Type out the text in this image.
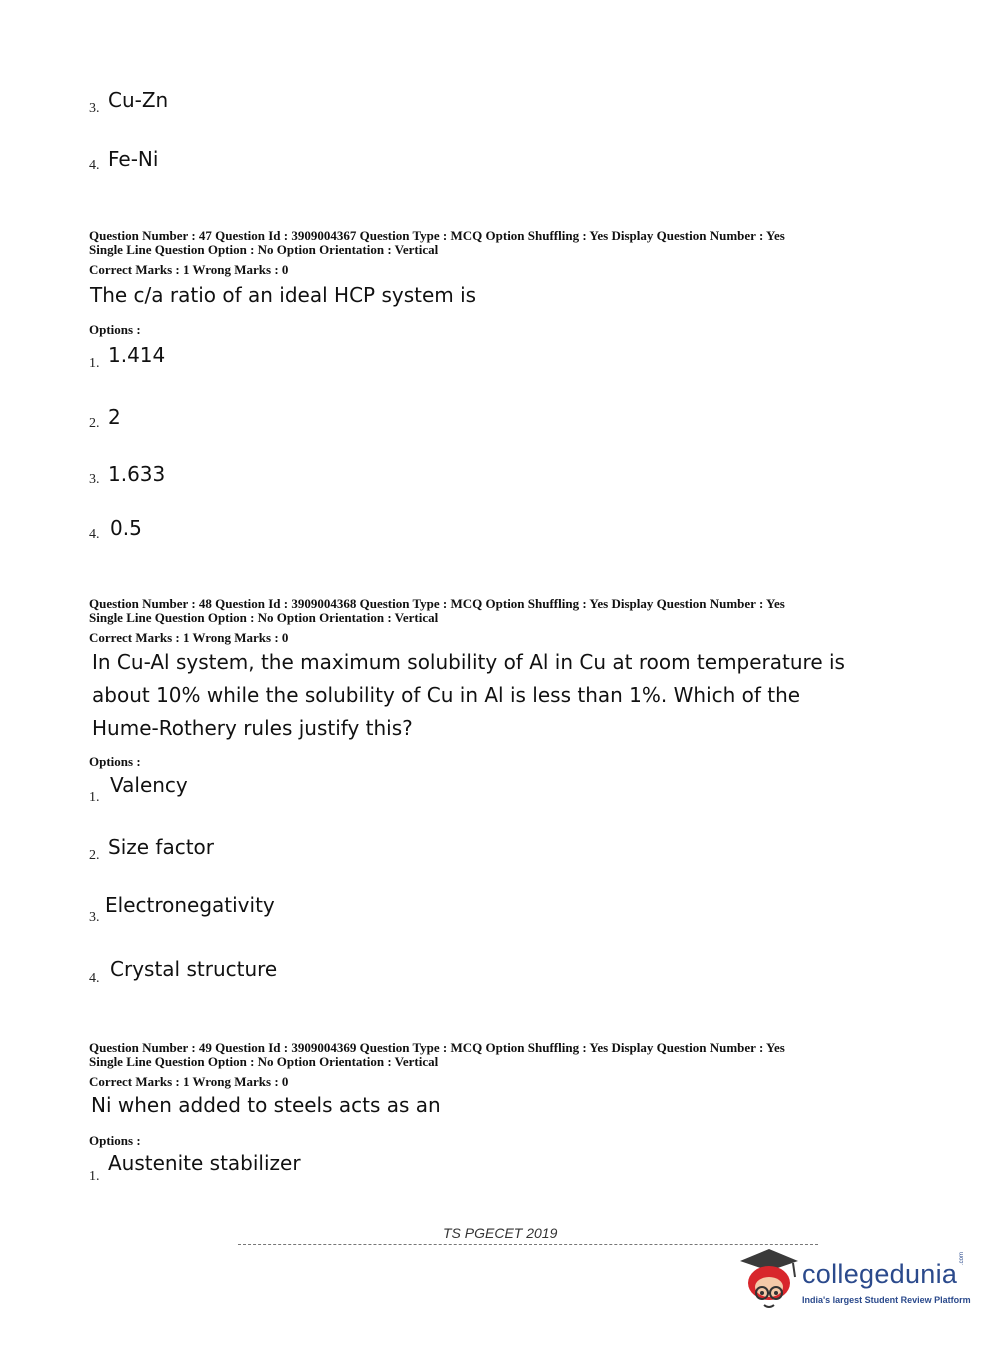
3. Cu-Zn
4. Fe-Ni
Question Number : 47 Question Id : 3909004367 Question Type : MCQ Option Shuffling : Yes Display Question Number : Yes
Single Line Question Option : No Option Orientation : Vertical
Correct Marks : 1 Wrong Marks : 0
The c/a ratio of an ideal HCP system is
Options :
1. 1.414
2. 2
3. 1.633
4. 0.5
Question Number : 48 Question Id : 3909004368 Question Type : MCQ Option Shuffling : Yes Display Question Number : Yes
Single Line Question Option : No Option Orientation : Vertical
Correct Marks : 1 Wrong Marks : 0
In Cu-Al system, the maximum solubility of Al in Cu at room temperature is
about 10% while the solubility of Cu in Al is less than 1%. Which of the
Hume-Rothery rules justify this?
Options :
1.
Valency
2. Size factor
3.
Electronegativity
4. Crystal structure
Question Number : 49 Question Id : 3909004369 Question Type : MCQ Option Shuffling : Yes Display Question Number : Yes
Single Line Question Option : No Option Orientation : Vertical
Correct Marks : 1 Wrong Marks : 0
Ni when added to steels acts as an
Options :
1.
Austenite stabilizer
TS PGECET 2019
collegedunia
.com
India's largest Student Review Platform
